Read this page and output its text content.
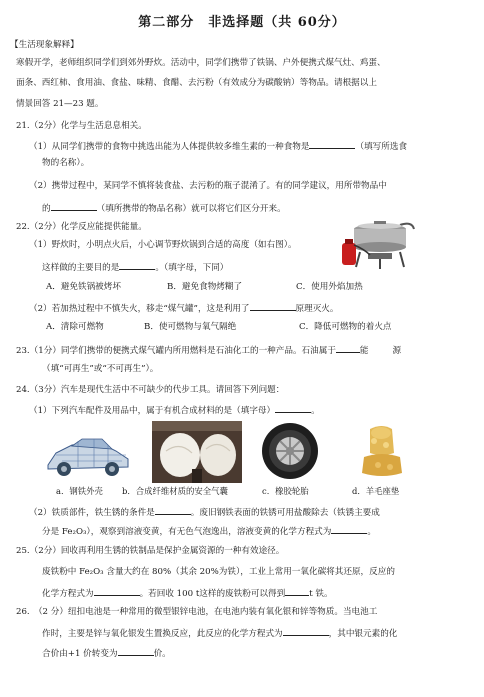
第二部分　非选择题（共 60分）
【生活现象解释】
寒假开学，老师组织同学们到郊外野炊。活动中，同学们携带了铁锅、户外便携式煤气灶、鸡蛋、
面条、西红柿、食用油、食盐、味精、食醋、去污粉（有效成分为碳酸钠）等物品。请根据以上
情景回答 21—23 题。
21.（2分）化学与生活息息相关。
（1）从同学们携带的食物中挑选出能为人体提供较多维生素的一种食物是	（填写所选食
物的名称）。
（2）携带过程中，某同学不慎将装食盐、去污粉的瓶子混淆了。有的同学建议，用所带物品中
的	（填所携带的物品名称）就可以将它们区分开来。
22.（2分）化学反应能提供能量。
（1）野炊时，小明点火后，小心调节野炊锅到合适的高度（如右图）。
这样做的主要目的是	。（填字母，下同）
A．避免铁锅被烤坏	B．避免食物烤糊了	C．使用外焰加热
（2）若加热过程中不慎失火，移走“煤气罐”，这是利用了	原理灭火。
A．清除可燃物	B．使可燃物与氧气隔绝	C．降低可燃物的着火点
23.（1分）同学们携带的便携式煤气罐内所用燃料是石油化工的一种产品。石油属于	能	源
（填“可再生”或“不可再生”）。
24.（3分）汽车是现代生活中不可缺少的代步工具。请回答下列问题：
（1）下列汽车配件及用品中，属于有机合成材料的是（填字母）	。
a．钢铁外壳 b．合成纤维材质的安全气囊	c．橡胶轮胎	d．羊毛座垫
（2）铁质部件，铁生锈的条件是	。废旧钢铁表面的铁锈可用盐酸除去（铁锈主要成
分是 Fe₂O₃），观察到溶液变黄，有无色气泡逸出，溶液变黄的化学方程式为	。
25.（2分）回收再利用生锈的铁制品是保护金属资源的一种有效途径。
废铁粉中 Fe₂O₃ 含量大约在 80%（其余 20%为铁），工业上常用一氧化碳将其还原，反应的
化学方程式为	。若回收 100 t这样的废铁粉可以得到	t 铁。
26.　（2 分）纽扣电池是一种常用的微型银锌电池，在电池内装有氧化银和锌等物质。当电池工
作时，主要是锌与氧化银发生置换反应，此反应的化学方程式为	，其中银元素的化
合价由+1 价转变为	价。
